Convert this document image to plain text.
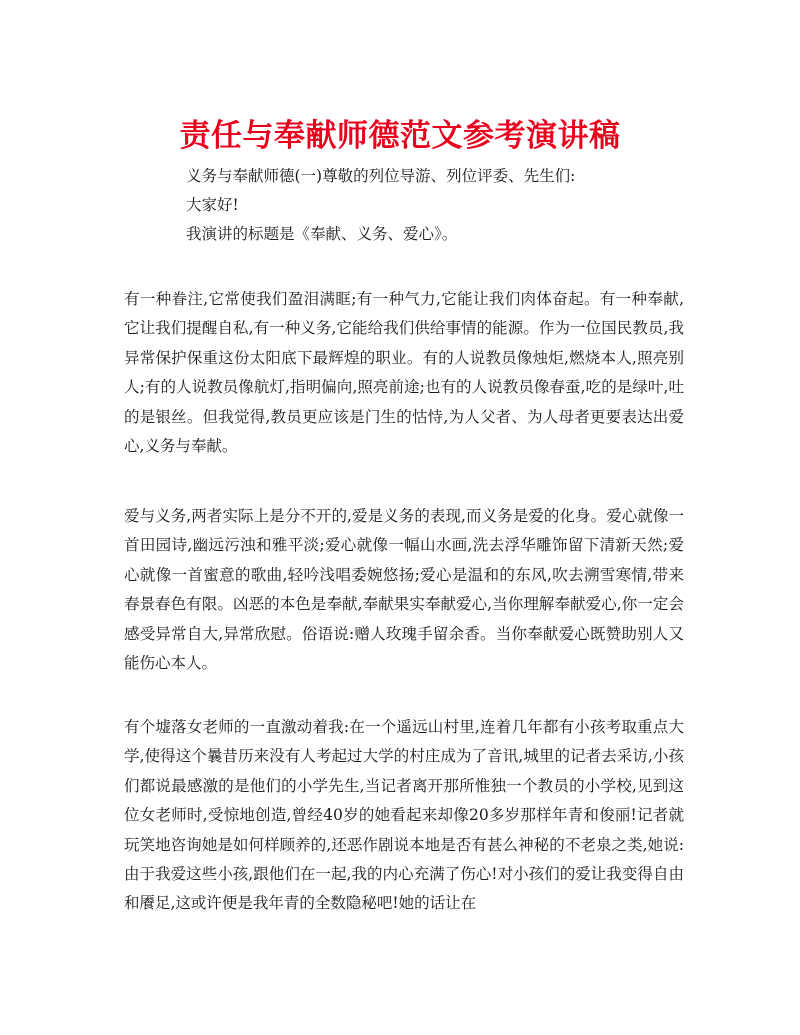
责任与奉献师德范文参考演讲稿
义务与奉献师德(一)尊敬的列位导游、列位评委、先生们:
大家好!
我演讲的标题是《奉献、义务、爱心》。

有一种眷注,它常使我们盈泪满眶;有一种气力,它能让我们肉体奋起。有一种奉献,它让我们提醒自私,有一种义务,它能给我们供给事情的能源。作为一位国民教员,我异常保护保重这份太阳底下最辉煌的职业。有的人说教员像烛炬,燃烧本人,照亮别人;有的人说教员像航灯,指明偏向,照亮前途;也有的人说教员像春蚕,吃的是绿叶,吐的是银丝。但我觉得,教员更应该是门生的怙恃,为人父者、为人母者更要表达出爱心,义务与奉献。

爱与义务,两者实际上是分不开的,爱是义务的表现,而义务是爱的化身。爱心就像一首田园诗,幽远污浊和雅平淡;爱心就像一幅山水画,洗去浮华雕饰留下清新天然;爱心就像一首蜜意的歌曲,轻吟浅唱委婉悠扬;爱心是温和的东风,吹去溯雪寒情,带来春景春色有限。凶恶的本色是奉献,奉献果实奉献爱心,当你理解奉献爱心,你一定会感受异常自大,异常欣慰。俗语说:赠人玫瑰手留余香。当你奉献爱心既赞助别人又能伤心本人。

有个墟落女老师的一直激动着我:在一个遥远山村里,连着几年都有小孩考取重点大学,使得这个曩昔历来没有人考起过大学的村庄成为了音讯,城里的记者去采访,小孩们都说最感激的是他们的小学先生,当记者离开那所惟独一个教员的小学校,见到这位女老师时,受惊地创造,曾经40岁的她看起来却像20多岁那样年青和俊丽!记者就玩笑地咨询她是如何样顾养的,还恶作剧说本地是否有甚么神秘的不老泉之类,她说:由于我爱这些小孩,跟他们在一起,我的内心充满了伤心!对小孩们的爱让我变得自由和餍足,这或许便是我年青的全数隐秘吧!她的话让在
